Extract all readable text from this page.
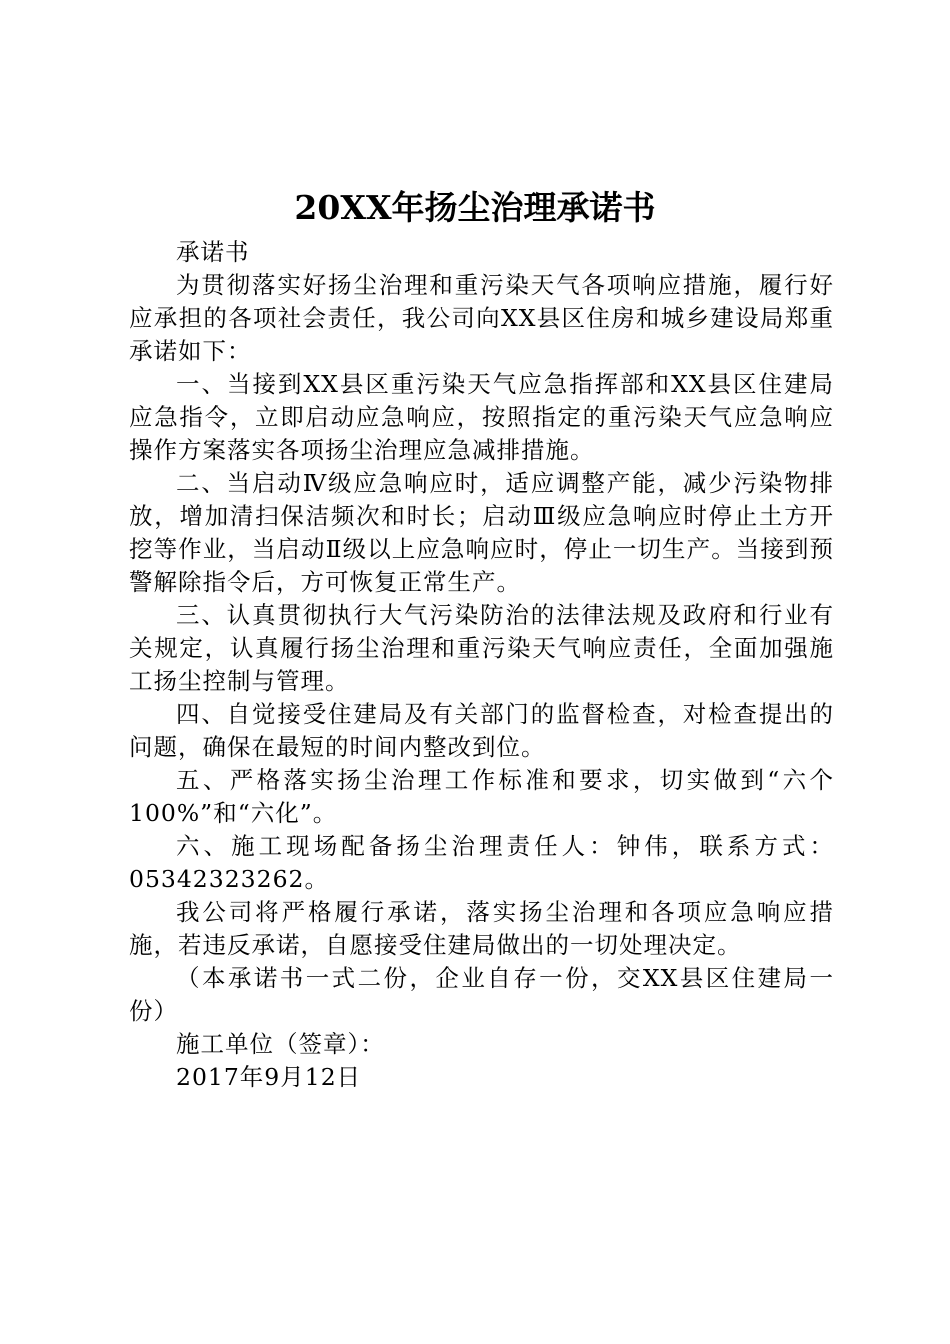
20XX年扬尘治理承诺书

承诺书

为贯彻落实好扬尘治理和重污染天气各项响应措施，履行好应承担的各项社会责任，我公司向XX县区住房和城乡建设局郑重承诺如下：

一、当接到XX县区重污染天气应急指挥部和XX县区住建局应急指令，立即启动应急响应，按照指定的重污染天气应急响应操作方案落实各项扬尘治理应急减排措施。

二、当启动Ⅳ级应急响应时，适应调整产能，减少污染物排放，增加清扫保洁频次和时长；启动Ⅲ级应急响应时停止土方开挖等作业，当启动Ⅱ级以上应急响应时，停止一切生产。当接到预警解除指令后，方可恢复正常生产。

三、认真贯彻执行大气污染防治的法律法规及政府和行业有关规定，认真履行扬尘治理和重污染天气响应责任，全面加强施工扬尘控制与管理。

四、自觉接受住建局及有关部门的监督检查，对检查提出的问题，确保在最短的时间内整改到位。

五、严格落实扬尘治理工作标准和要求，切实做到“六个100%”和“六化”。

六、施工现场配备扬尘治理责任人：钟伟，联系方式：05342323262。

我公司将严格履行承诺，落实扬尘治理和各项应急响应措施，若违反承诺，自愿接受住建局做出的一切处理决定。

（本承诺书一式二份，企业自存一份，交XX县区住建局一份）

施工单位（签章）：

2017年9月12日
